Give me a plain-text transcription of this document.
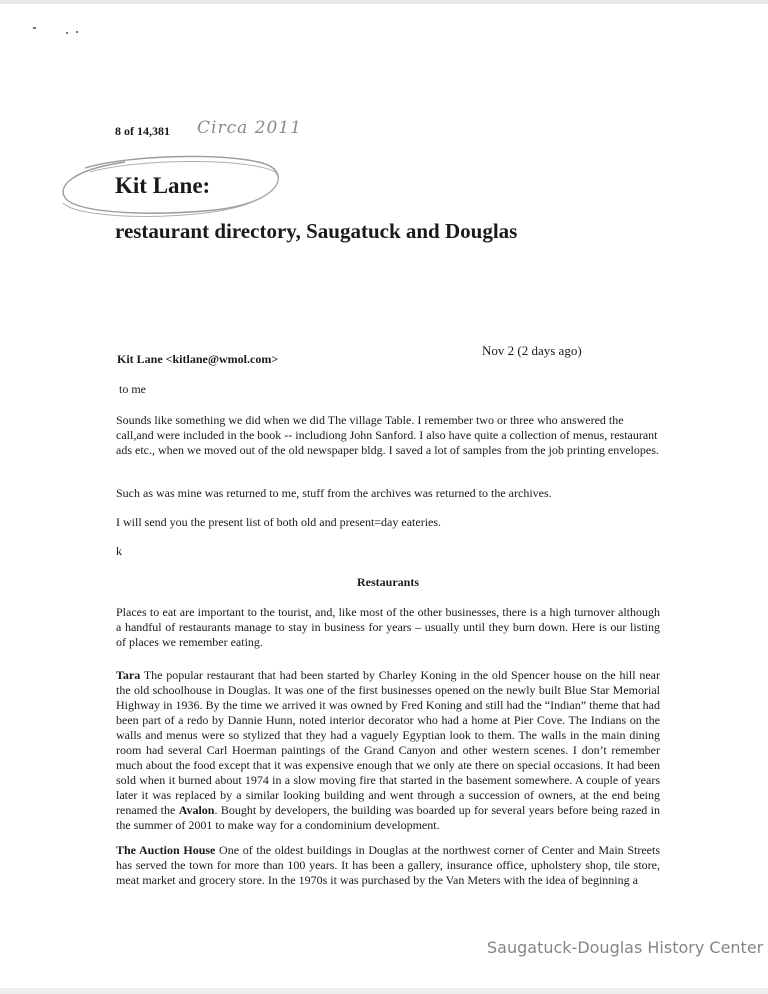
8 of 14,381 Circa 2011
Kit Lane:
restaurant directory, Saugatuck and Douglas
Nov 2 (2 days ago)
Kit Lane <kitlane@wmol.com>
to me

Sounds like something we did when we did The village Table. I remember two or three who answered the call,and were included in the book -- includiong John Sanford. I also have quite a collection of menus, restaurant ads etc., when we moved out of the old newspaper bldg. I saved a lot of samples from the job printing envelopes.

Such as was mine was returned to me, stuff from the archives was returned to the archives.

I will send you the present list of both old and present=day eateries.

k

Restaurants

Places to eat are important to the tourist, and, like most of the other businesses, there is a high turnover although a handful of restaurants manage to stay in business for years – usually until they burn down. Here is our listing of places we remember eating.

Tara The popular restaurant that had been started by Charley Koning in the old Spencer house on the hill near the old schoolhouse in Douglas. It was one of the first businesses opened on the newly built Blue Star Memorial Highway in 1936. By the time we arrived it was owned by Fred Koning and still had the “Indian” theme that had been part of a redo by Dannie Hunn, noted interior decorator who had a home at Pier Cove. The Indians on the walls and menus were so stylized that they had a vaguely Egyptian look to them. The walls in the main dining room had several Carl Hoerman paintings of the Grand Canyon and other western scenes. I don’t remember much about the food except that it was expensive enough that we only ate there on special occasions. It had been sold when it burned about 1974 in a slow moving fire that started in the basement somewhere. A couple of years later it was replaced by a similar looking building and went through a succession of owners, at the end being renamed the Avalon. Bought by developers, the building was boarded up for several years before being razed in the summer of 2001 to make way for a condominium development.

The Auction House One of the oldest buildings in Douglas at the northwest corner of Center and Main Streets has served the town for more than 100 years. It has been a gallery, insurance office, upholstery shop, tile store, meat market and grocery store. In the 1970s it was purchased by the Van Meters with the idea of beginning a

Saugatuck-Douglas History Center
